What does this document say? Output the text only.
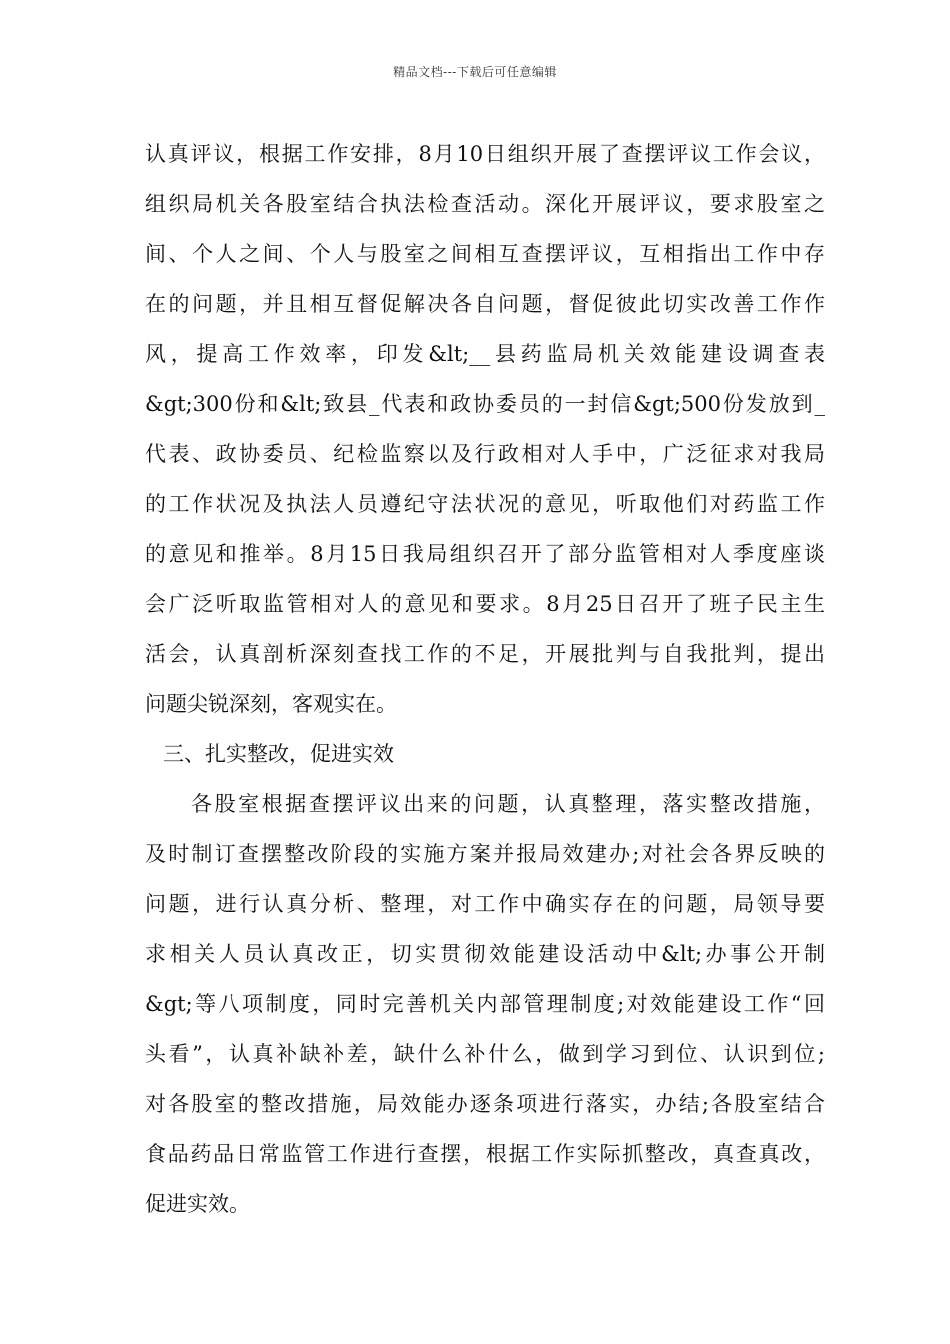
精品文档---下载后可任意编辑
认真评议，根据工作安排，8月10日组织开展了查摆评议工作会议，
组织局机关各股室结合执法检查活动。深化开展评议，要求股室之
间、个人之间、个人与股室之间相互查摆评议，互相指出工作中存
在的问题，并且相互督促解决各自问题，督促彼此切实改善工作作
风，提高工作效率，印发&lt;__县药监局机关效能建设调查表
&gt;300份和&lt;致县_代表和政协委员的一封信&gt;500份发放到_
代表、政协委员、纪检监察以及行政相对人手中，广泛征求对我局
的工作状况及执法人员遵纪守法状况的意见，听取他们对药监工作
的意见和推举。8月15日我局组织召开了部分监管相对人季度座谈
会广泛听取监管相对人的意见和要求。8月25日召开了班子民主生
活会，认真剖析深刻查找工作的不足，开展批判与自我批判，提出
问题尖锐深刻，客观实在。
三、扎实整改，促进实效
各股室根据查摆评议出来的问题，认真整理，落实整改措施，
及时制订查摆整改阶段的实施方案并报局效建办;对社会各界反映的
问题，进行认真分析、整理，对工作中确实存在的问题，局领导要
求相关人员认真改正，切实贯彻效能建设活动中&lt;办事公开制
&gt;等八项制度，同时完善机关内部管理制度;对效能建设工作“回
头看”，认真补缺补差，缺什么补什么，做到学习到位、认识到位;
对各股室的整改措施，局效能办逐条项进行落实，办结;各股室结合
食品药品日常监管工作进行查摆，根据工作实际抓整改，真查真改，
促进实效。
